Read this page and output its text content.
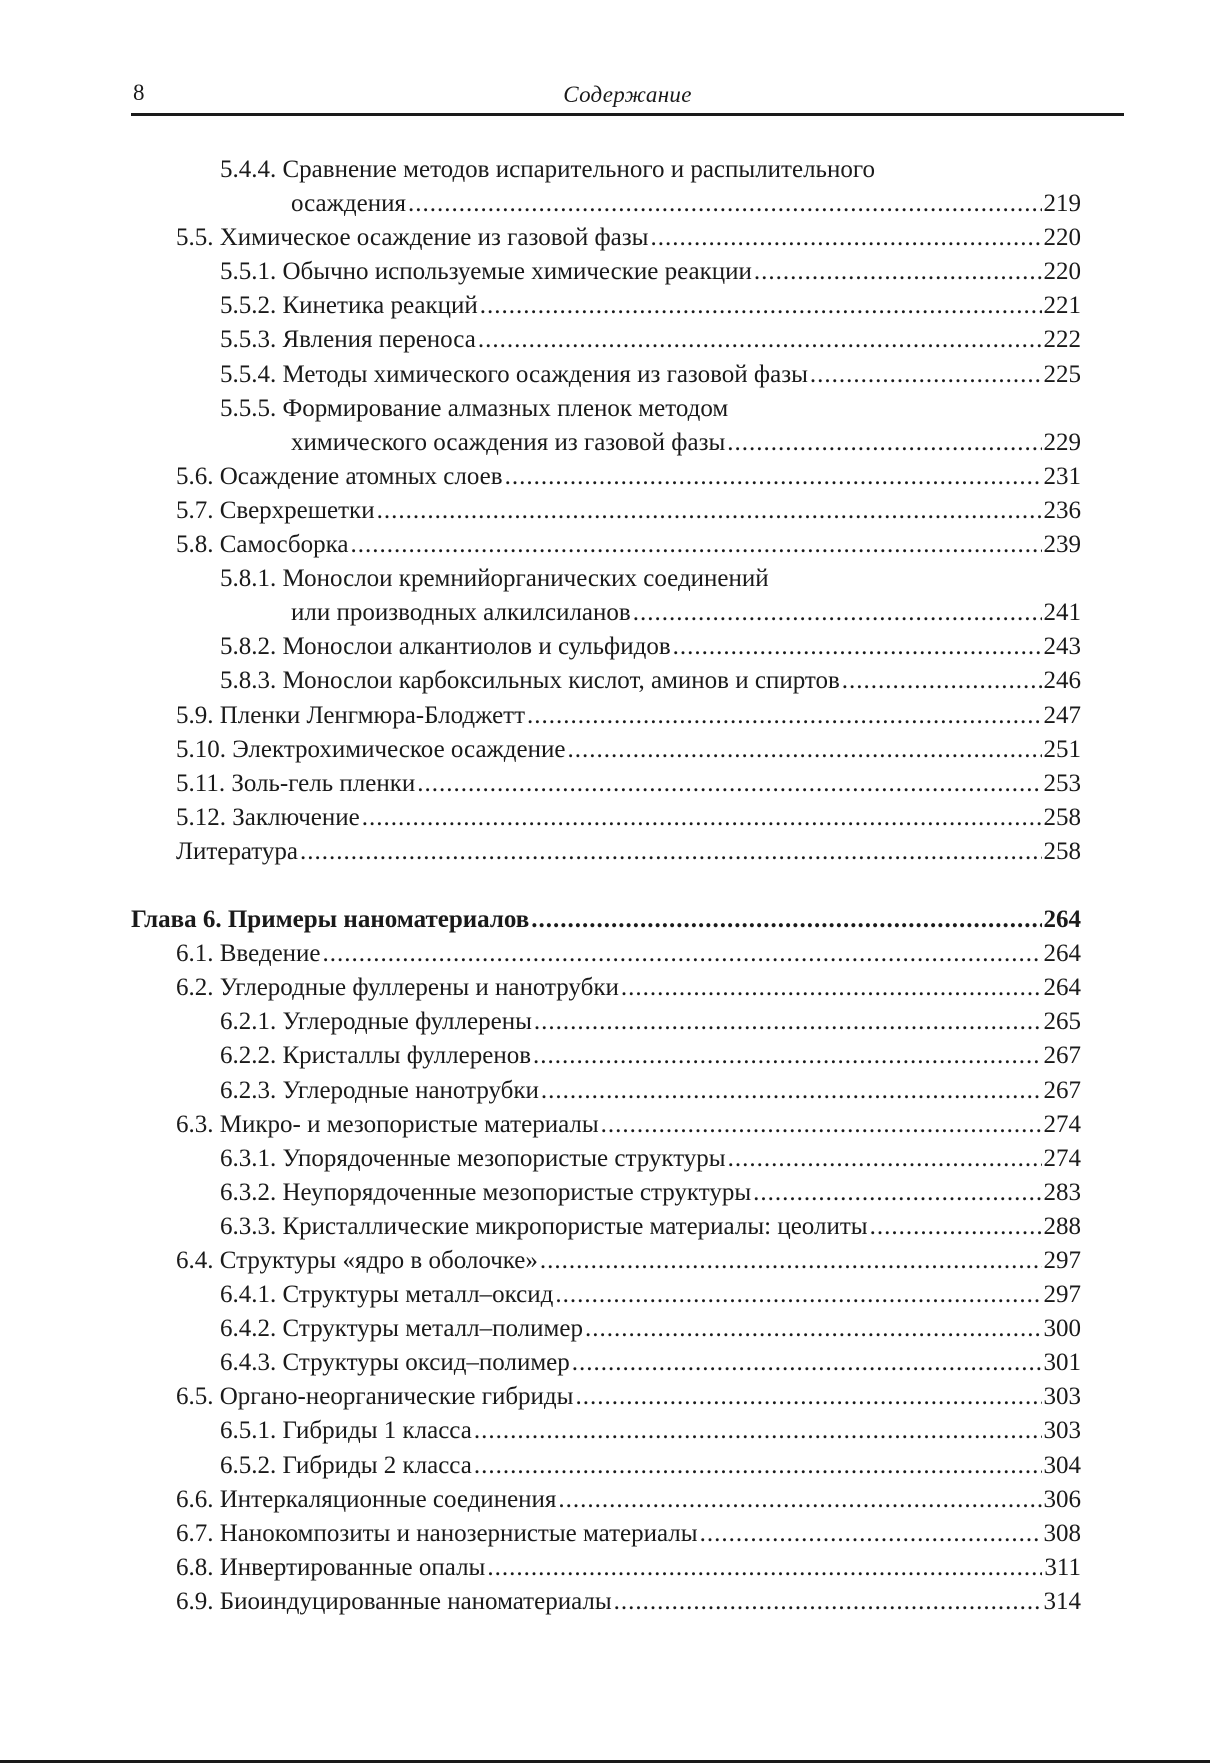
8	Содержание
5.4.4. Сравнение методов испарительного и распылительного
осаждения .....	219
5.5. Химическое осаждение из газовой фазы .....	220
5.5.1. Обычно используемые химические реакции .....	220
5.5.2. Кинетика реакций .....	221
5.5.3. Явления переноса .....	222
5.5.4. Методы химического осаждения из газовой фазы .....	225
5.5.5. Формирование алмазных пленок методом
химического осаждения из газовой фазы .....	229
5.6. Осаждение атомных слоев .....	231
5.7. Сверхрешетки .....	236
5.8. Самосборка .....	239
5.8.1. Монослои кремнийорганических соединений
или производных алкилсиланов .....	241
5.8.2. Монослои алкантиолов и сульфидов .....	243
5.8.3. Монослои карбоксильных кислот, аминов и спиртов .....	246
5.9. Пленки Ленгмюра-Блоджетт .....	247
5.10. Электрохимическое осаждение .....	251
5.11. Золь-гель пленки .....	253
5.12. Заключение .....	258
Литература .....	258
Глава 6. Примеры наноматериалов .....	264
6.1. Введение .....	264
6.2. Углеродные фуллерены и нанотрубки .....	264
6.2.1. Углеродные фуллерены .....	265
6.2.2. Кристаллы фуллеренов .....	267
6.2.3. Углеродные нанотрубки .....	267
6.3. Микро- и мезопористые материалы .....	274
6.3.1. Упорядоченные мезопористые структуры .....	274
6.3.2. Неупорядоченные мезопористые структуры .....	283
6.3.3. Кристаллические микропористые материалы: цеолиты .....	288
6.4. Структуры «ядро в оболочке» .....	297
6.4.1. Структуры металл–оксид .....	297
6.4.2. Структуры металл–полимер .....	300
6.4.3. Структуры оксид–полимер .....	301
6.5. Органо-неорганические гибриды .....	303
6.5.1. Гибриды 1 класса .....	303
6.5.2. Гибриды 2 класса .....	304
6.6. Интеркаляционные соединения .....	306
6.7. Нанокомпозиты и нанозернистые материалы .....	308
6.8. Инвертированные опалы .....	311
6.9. Биоиндуцированные наноматериалы .....	314
